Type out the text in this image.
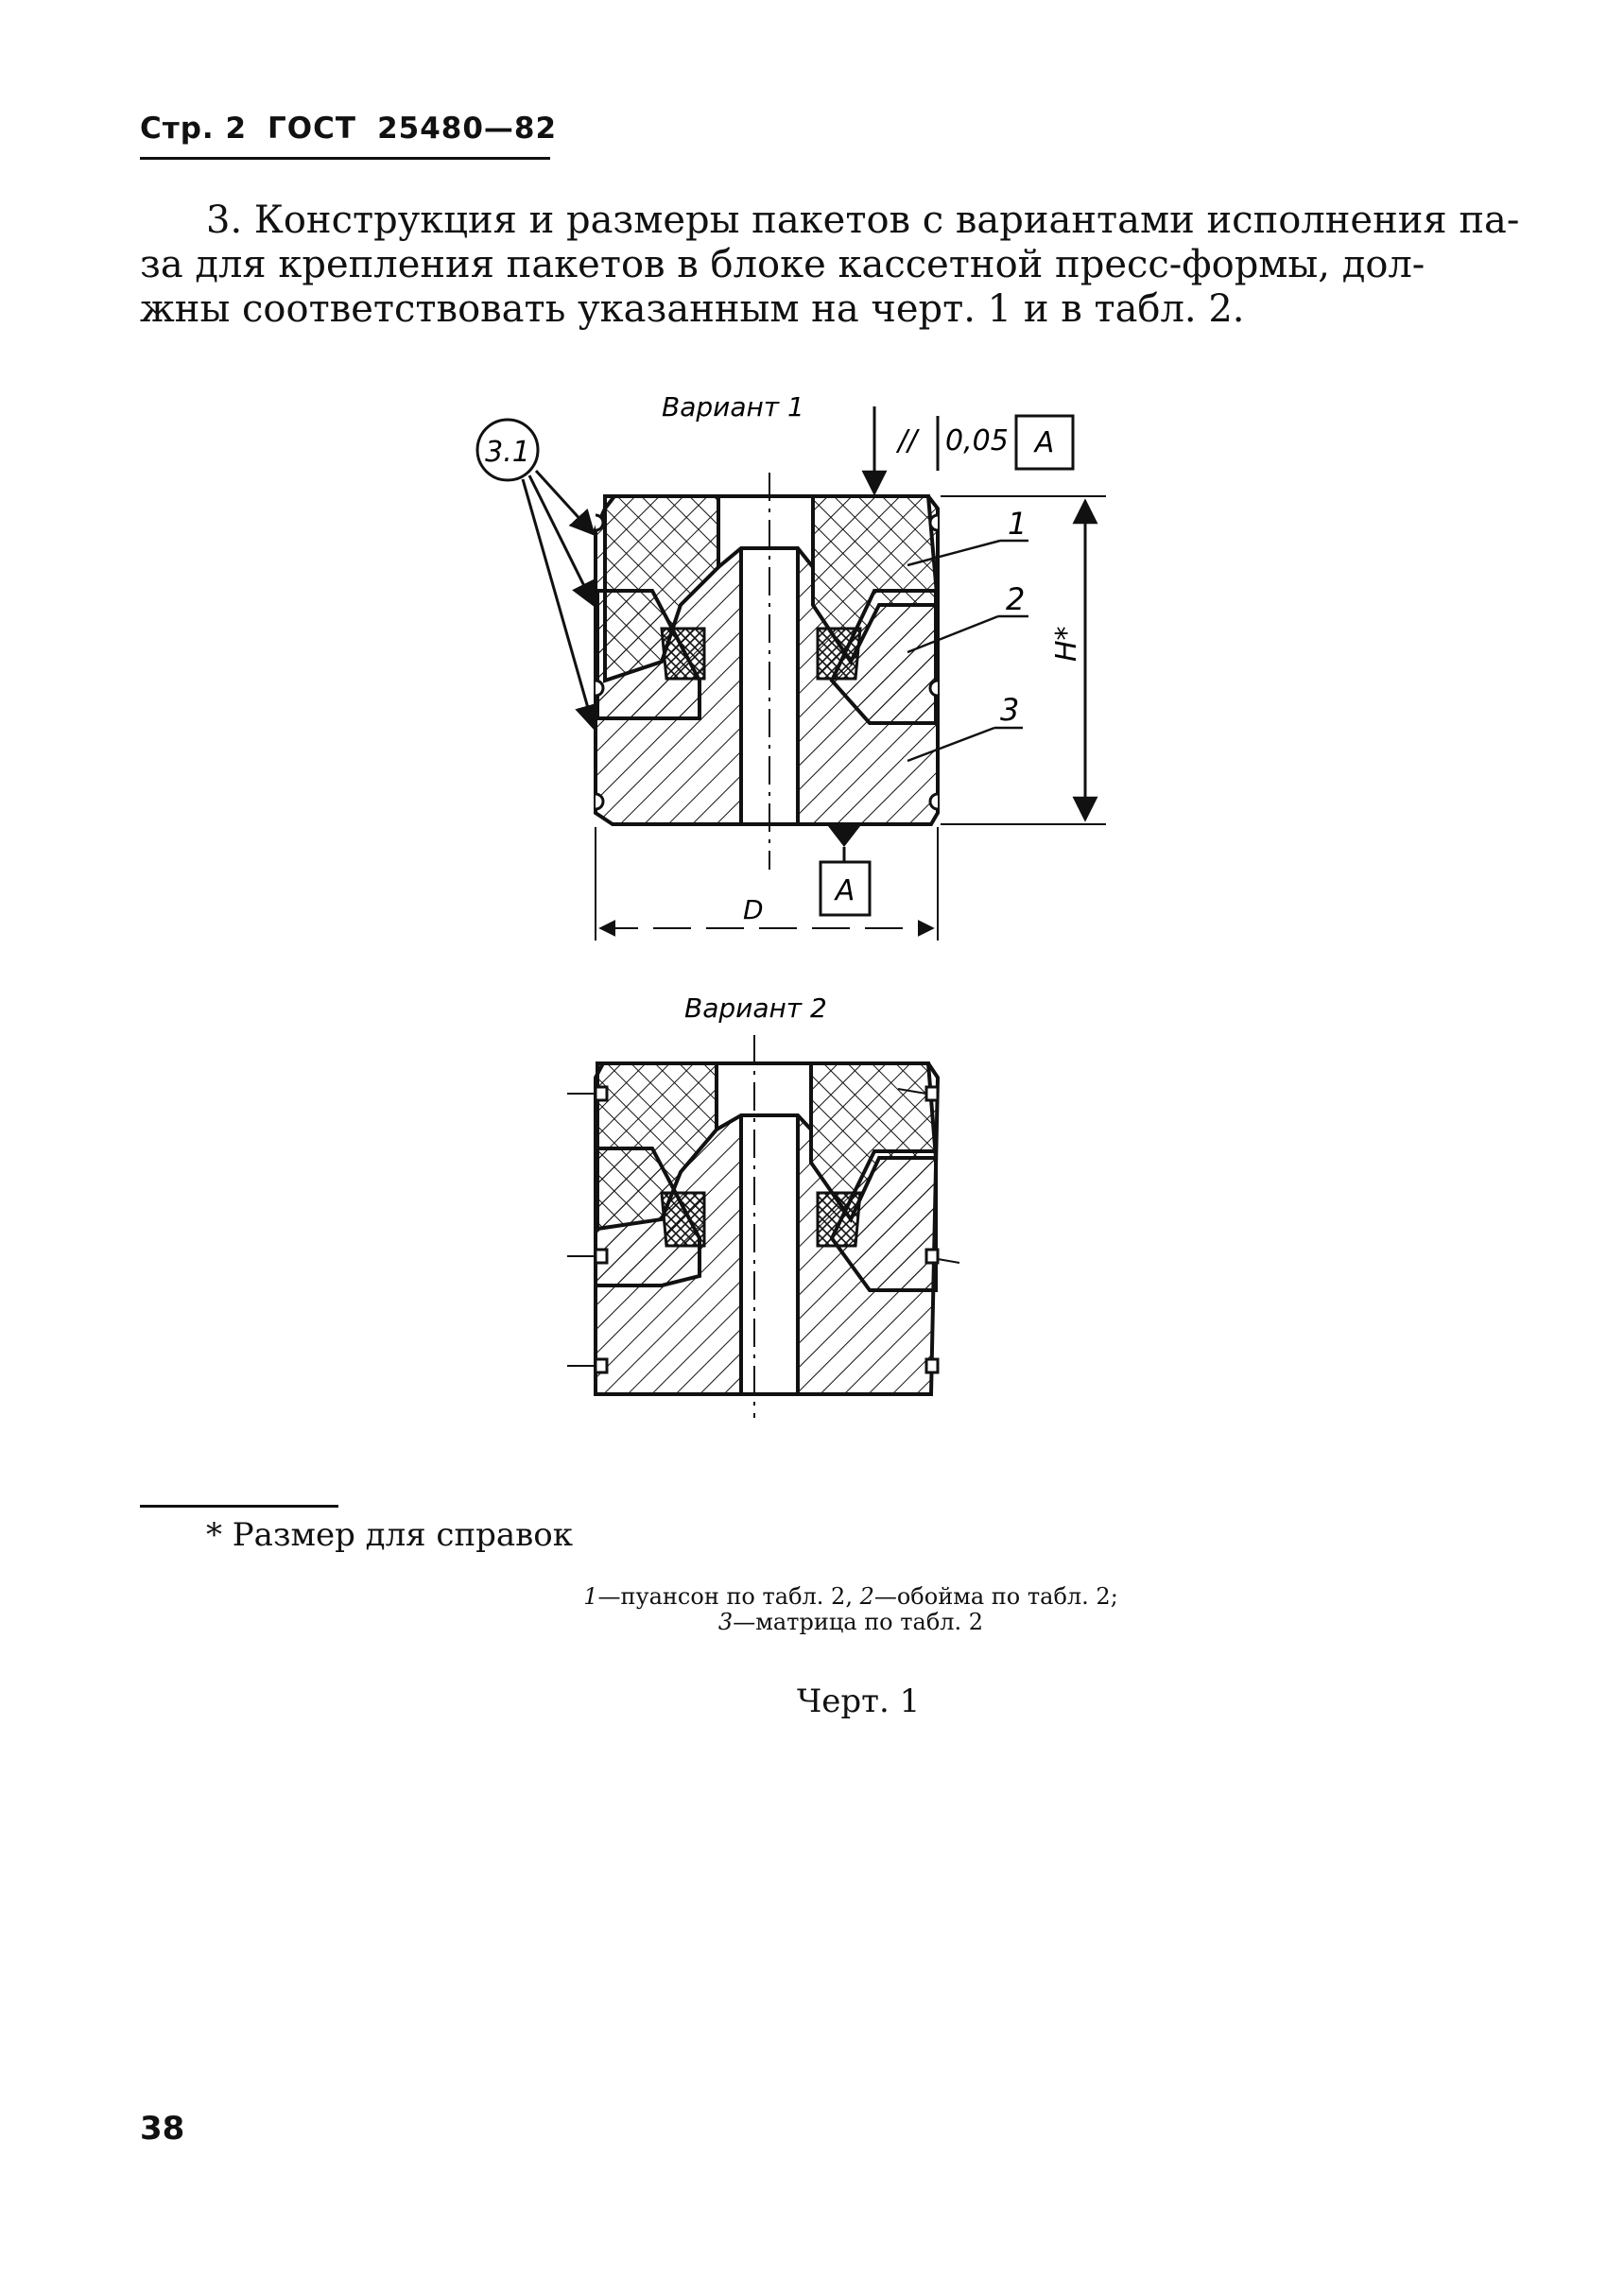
Стр. 2 ГОСТ 25480—82
3. Конструкция и размеры пакетов с вариантами исполнения па-
за для крепления пакетов в блоке кассетной пресс-формы, дол-
жны соответствовать указанным на черт. 1 и в табл. 2.
Вариант 1
3.1	// 0,05 A
1
2
3
H*
A
D
Вариант 2
* Размер для справок
1—пуансон по табл. 2, 2—обойма по табл. 2;
3—матрица по табл. 2
Черт. 1
38
